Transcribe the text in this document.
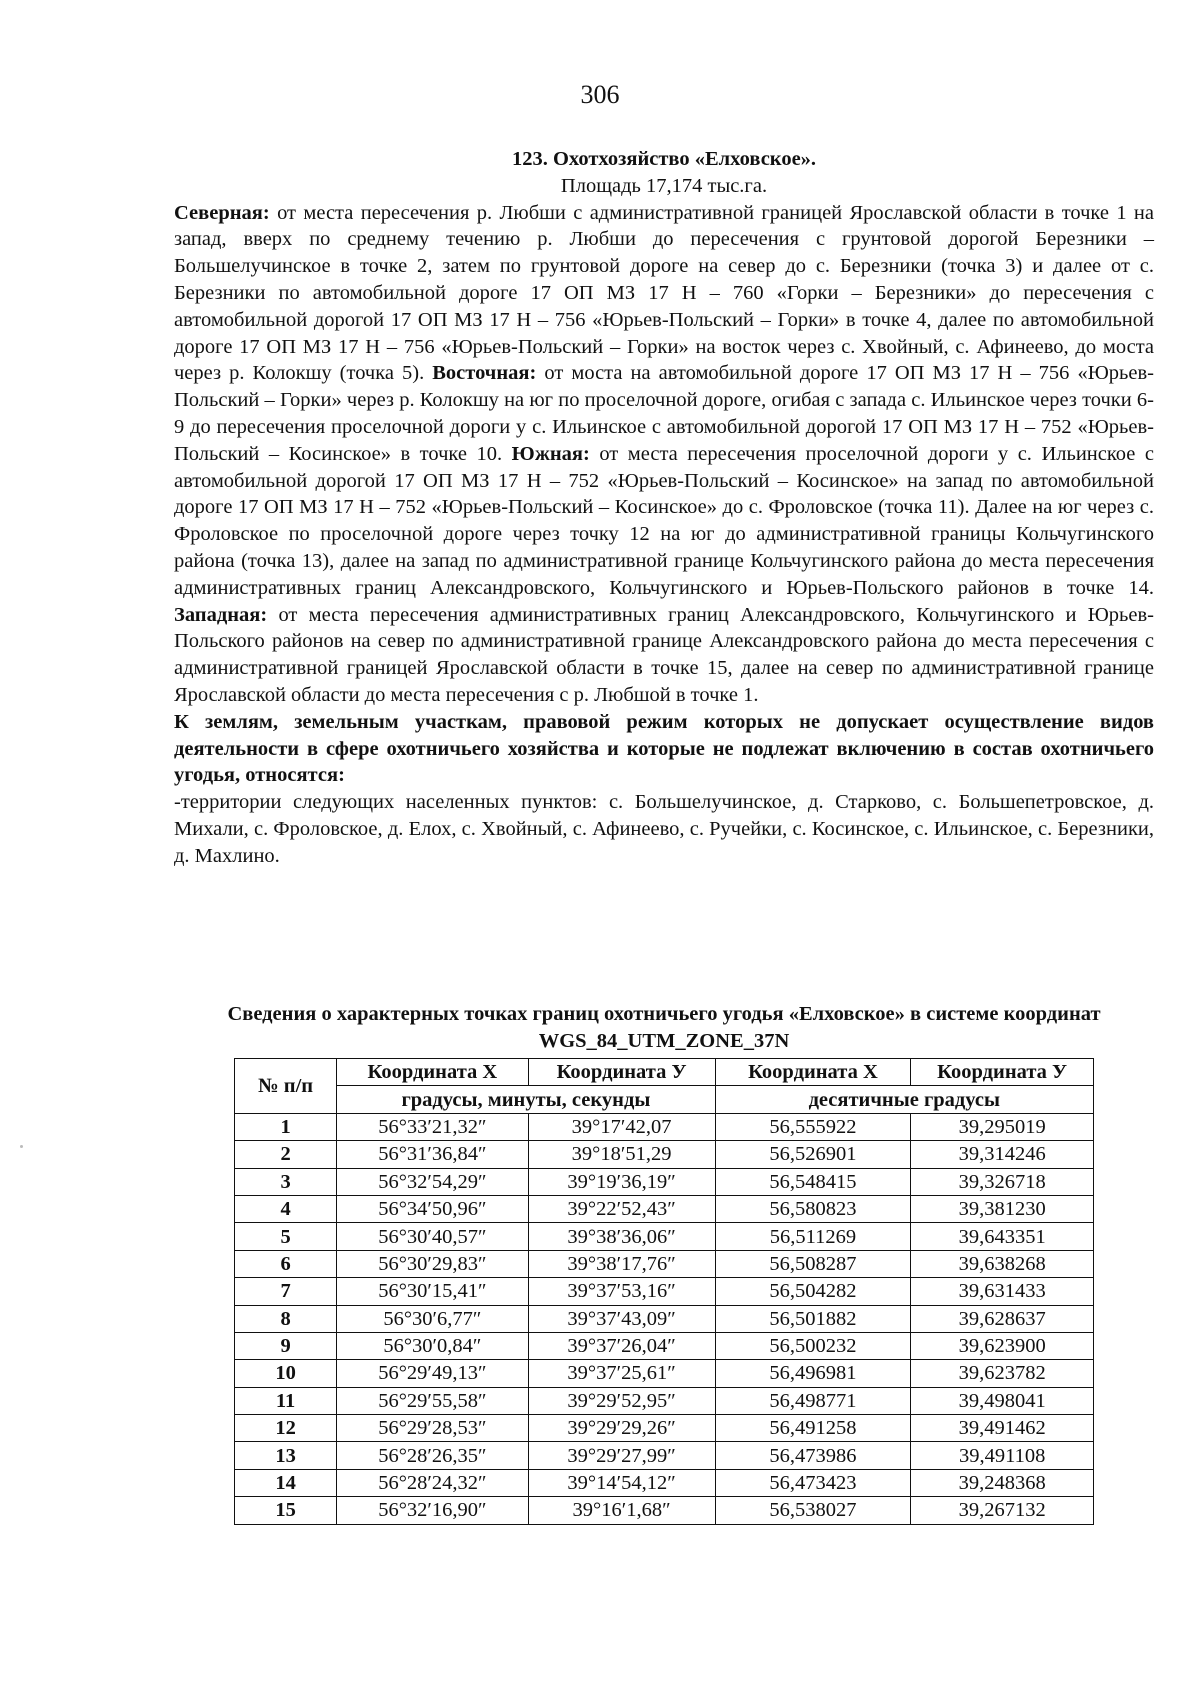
306

123. Охотхозяйство «Елховское».

Площадь 17,174 тыс.га.

Северная: от места пересечения р. Любши с административной границей Ярославской области в точке 1 на запад, вверх по среднему течению р. Любши до пересечения с грунтовой дорогой Березники – Большелучинское в точке 2, затем по грунтовой дороге на север до с. Березники (точка 3) и далее от с. Березники по автомобильной дороге 17 ОП МЗ 17 Н – 760 «Горки – Березники» до пересечения с автомобильной дорогой 17 ОП МЗ 17 Н – 756 «Юрьев-Польский – Горки» в точке 4, далее по автомобильной дороге 17 ОП МЗ 17 Н – 756 «Юрьев-Польский – Горки» на восток через с. Хвойный, с. Афинеево, до моста через р. Колокшу (точка 5). Восточная: от моста на автомобильной дороге 17 ОП МЗ 17 Н – 756 «Юрьев-Польский – Горки» через р. Колокшу на юг по проселочной дороге, огибая с запада с. Ильинское через точки 6-9 до пересечения проселочной дороги у с. Ильинское с автомобильной дорогой 17 ОП МЗ 17 Н – 752 «Юрьев-Польский – Косинское» в точке 10. Южная: от места пересечения проселочной дороги у с. Ильинское с автомобильной дорогой 17 ОП МЗ 17 Н – 752 «Юрьев-Польский – Косинское» на запад по автомобильной дороге 17 ОП МЗ 17 Н – 752 «Юрьев-Польский – Косинское» до с. Фроловское (точка 11). Далее на юг через с. Фроловское по проселочной дороге через точку 12 на юг до административной границы Кольчугинского района (точка 13), далее на запад по административной границе Кольчугинского района до места пересечения административных границ Александровского, Кольчугинского и Юрьев-Польского районов в точке 14. Западная: от места пересечения административных границ Александровского, Кольчугинского и Юрьев-Польского районов на север по административной границе Александровского района до места пересечения с административной границей Ярославской области в точке 15, далее на север по административной границе Ярославской области до места пересечения с р. Любшой в точке 1.

К землям, земельным участкам, правовой режим которых не допускает осуществление видов деятельности в сфере охотничьего хозяйства и которые не подлежат включению в состав охотничьего угодья, относятся:

-территории следующих населенных пунктов: с. Большелучинское, д. Старково, с. Большепетровское, д. Михали, с. Фроловское, д. Елох, с. Хвойный, с. Афинеево, с. Ручейки, с. Косинское, с. Ильинское, с. Березники, д. Махлино.

Сведения о характерных точках границ охотничьего угодья «Елховское» в системе координат WGS_84_UTM_ZONE_37N
№ п/п	Координата X	Координата У	Координата X	Координата У
	градусы, минуты, секунды		десятичные градусы	
1	56°33′21,32″	39°17′42,07	56,555922	39,295019
2	56°31′36,84″	39°18′51,29	56,526901	39,314246
3	56°32′54,29″	39°19′36,19″	56,548415	39,326718
4	56°34′50,96″	39°22′52,43″	56,580823	39,381230
5	56°30′40,57″	39°38′36,06″	56,511269	39,643351
6	56°30′29,83″	39°38′17,76″	56,508287	39,638268
7	56°30′15,41″	39°37′53,16″	56,504282	39,631433
8	56°30′6,77″	39°37′43,09″	56,501882	39,628637
9	56°30′0,84″	39°37′26,04″	56,500232	39,623900
10	56°29′49,13″	39°37′25,61″	56,496981	39,623782
11	56°29′55,58″	39°29′52,95″	56,498771	39,498041
12	56°29′28,53″	39°29′29,26″	56,491258	39,491462
13	56°28′26,35″	39°29′27,99″	56,473986	39,491108
14	56°28′24,32″	39°14′54,12″	56,473423	39,248368
15	56°32′16,90″	39°16′1,68″	56,538027	39,267132
